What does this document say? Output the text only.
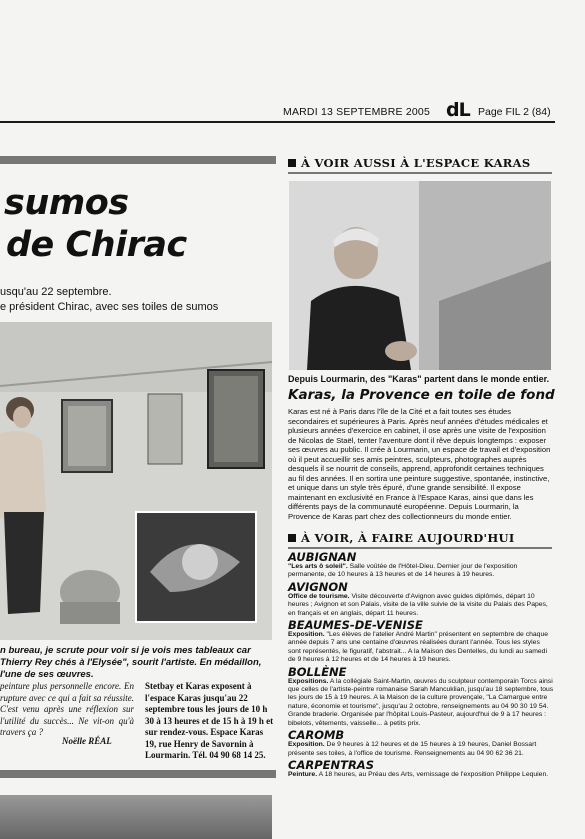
MARDI 13 SEPTEMBRE 2005 dL Page FIL 2 (84)
sumos
de Chirac
usqu'au 22 septembre.
e président Chirac, avec ses toiles de sumos
n bureau, je scrute pour voir si je vois mes tableaux car Thierry Rey chés à l'Elysée", sourit l'artiste. En médaillon, l'une de ses œuvres.
peinture plus personnelle encore. En rupture avec ce qui a fait sa réussite. C'est venu après une réflexion sur l'utilité du succès... Ne vit-on qu'à travers ça ?
Stetbay et Karas exposent à l'espace Karas jusqu'au 22 septembre tous les jours de 10 h 30 à 13 heures et de 15 h à 19 h et sur rendez-vous. Espace Karas 19, rue Henry de Savornin à Lourmarin. Tél. 04 90 68 14 25.
Noëlle RÉAL
À VOIR AUSSI À L'ESPACE KARAS
Depuis Lourmarin, des "Karas" partent dans le monde entier.
Karas, la Provence en toile de fond
Karas est né à Paris dans l'île de la Cité et a fait toutes ses études secondaires et supérieures à Paris. Après neuf années d'études médicales et plusieurs années d'exercice en cabinet, il ose après une visite de l'exposition de Nicolas de Staël, tenter l'aventure dont il rêve depuis longtemps : exposer ses œuvres au public. Il crée à Lourmarin, un espace de travail et d'exposition où il peut accueillir ses amis peintres, sculpteurs, photographes auprès desquels il se nourrit de conseils, apprend, approfondit certaines techniques au fil des années. Il en sortira une peinture suggestive, spontanée, instinctive, et unique dans un style très épuré, d'une grande sensibilité. Il expose maintenant en exclusivité en France à l'Espace Karas, ainsi que dans les différents pays de la communauté européenne. Depuis Lourmarin, la Provence de Karas part chez des collectionneurs du monde entier.
À VOIR, À FAIRE AUJOURD'HUI
AUBIGNAN
"Les arts ô soleil". Salle voûtée de l'Hôtel-Dieu. Dernier jour de l'exposition permanente, de 10 heures à 13 heures et de 14 heures à 19 heures.
AVIGNON
Office de tourisme. Visite découverte d'Avignon avec guides diplômés, départ 10 heures ; Avignon et son Palais, visite de la ville suivie de la visite du Palais des Papes, en français et en anglais, départ 11 heures.
BEAUMES-DE-VENISE
Exposition. "Les élèves de l'atelier André Martin" présentent en septembre de chaque année depuis 7 ans une centaine d'œuvres réalisées durant l'année. Tous les styles sont représentés, le figuratif, l'abstrait... A la Maison des Dentelles, du lundi au samedi de 9 heures à 12 heures et de 14 heures à 19 heures.
BOLLÈNE
Expositions. A la collégiale Saint-Martin, œuvres du sculpteur contemporain Torcs ainsi que celles de l'artiste-peintre romanaise Sarah Mancuklian, jusqu'au 18 septembre, tous les jours de 15 à 19 heures. A la Maison de la culture provençale, "La Camargue entre nature, économie et tourisme", jusqu'au 2 octobre, renseignements au 04 90 30 19 54. Grande braderie. Organisée par l'hôpital Louis-Pasteur, aujourd'hui de 9 à 17 heures : bibelots, vêtements, vaisselle... à petits prix.
CAROMB
Exposition. De 9 heures à 12 heures et de 15 heures à 19 heures, Daniel Bossart présente ses toiles, à l'office de tourisme. Renseignements au 04 90 62 36 21.
CARPENTRAS
Peinture. A 18 heures, au Préau des Arts, vernissage de l'exposition Philippe Lequien.
